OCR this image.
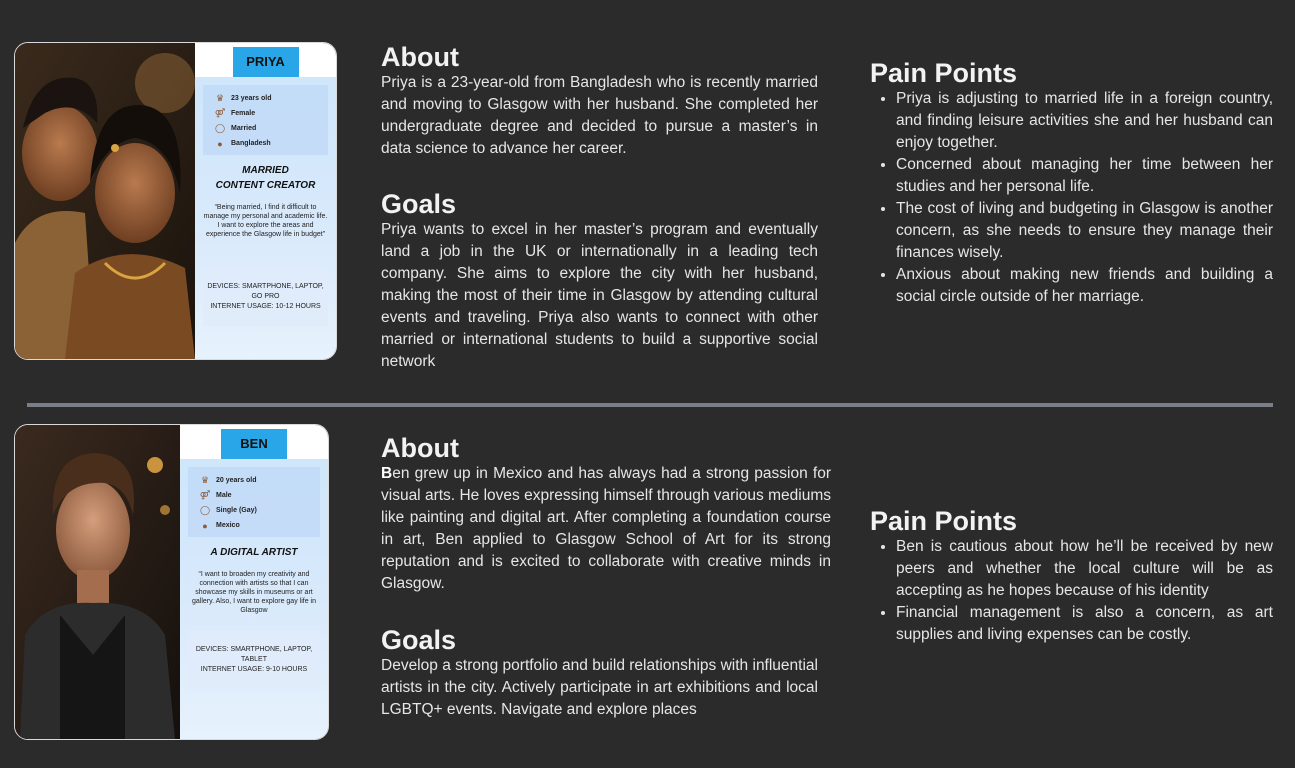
PRIYA
♛ 23 years old
⚤ Female
◯ Married
●	Bangladesh
MARRIED
CONTENT CREATOR
“Being married, I find it difficult to manage my personal and academic life. I want to explore the areas and experience the Glasgow life in budget”
DEVICES: SMARTPHONE, LAPTOP,
GO PRO
INTERNET USAGE: 10-12 HOURS
About

Priya is a 23-year-old from Bangladesh who is recently married and moving to Glasgow with her husband. She completed her undergraduate degree and decided to pursue a master’s in data science to advance her career.

Goals

Priya wants to excel in her master’s program and eventually land a job in the UK or internationally in a leading tech company. She aims to explore the city with her husband, making the most of their time in Glasgow by attending cultural events and traveling. Priya also wants to connect with other married or international students to build a supportive social network

Pain Points
• Priya is adjusting to married life in a foreign country, and finding leisure activities she and her husband can enjoy together.
• Concerned about managing her time between her studies and her personal life.
• The cost of living and budgeting in Glasgow is another concern, as she needs to ensure they manage their finances wisely.
• Anxious about making new friends and building a social circle outside of her marriage.
BEN
♛ 20 years old
⚤ Male
◯ Single (Gay)
●	Mexico
A DIGITAL ARTIST
“I want to broaden my creativity and connection with artists so that I can showcase my skills in museums or art gallery. Also, I want to explore gay life in Glasgow
DEVICES: SMARTPHONE, LAPTOP,
TABLET
INTERNET USAGE: 9-10 HOURS
About

Ben grew up in Mexico and has always had a strong passion for visual arts. He loves expressing himself through various mediums like painting and digital art. After completing a foundation course in art, Ben applied to Glasgow School of Art for its strong reputation and is excited to collaborate with creative minds in Glasgow.

Goals

Develop a strong portfolio and build relationships with influential artists in the city. Actively participate in art exhibitions and local LGBTQ+ events. Navigate and explore places

Pain Points
• Ben is cautious about how he’ll be received by new peers and whether the local culture will be as accepting as he hopes because of his identity
• Financial management is also a concern, as art supplies and living expenses can be costly.
